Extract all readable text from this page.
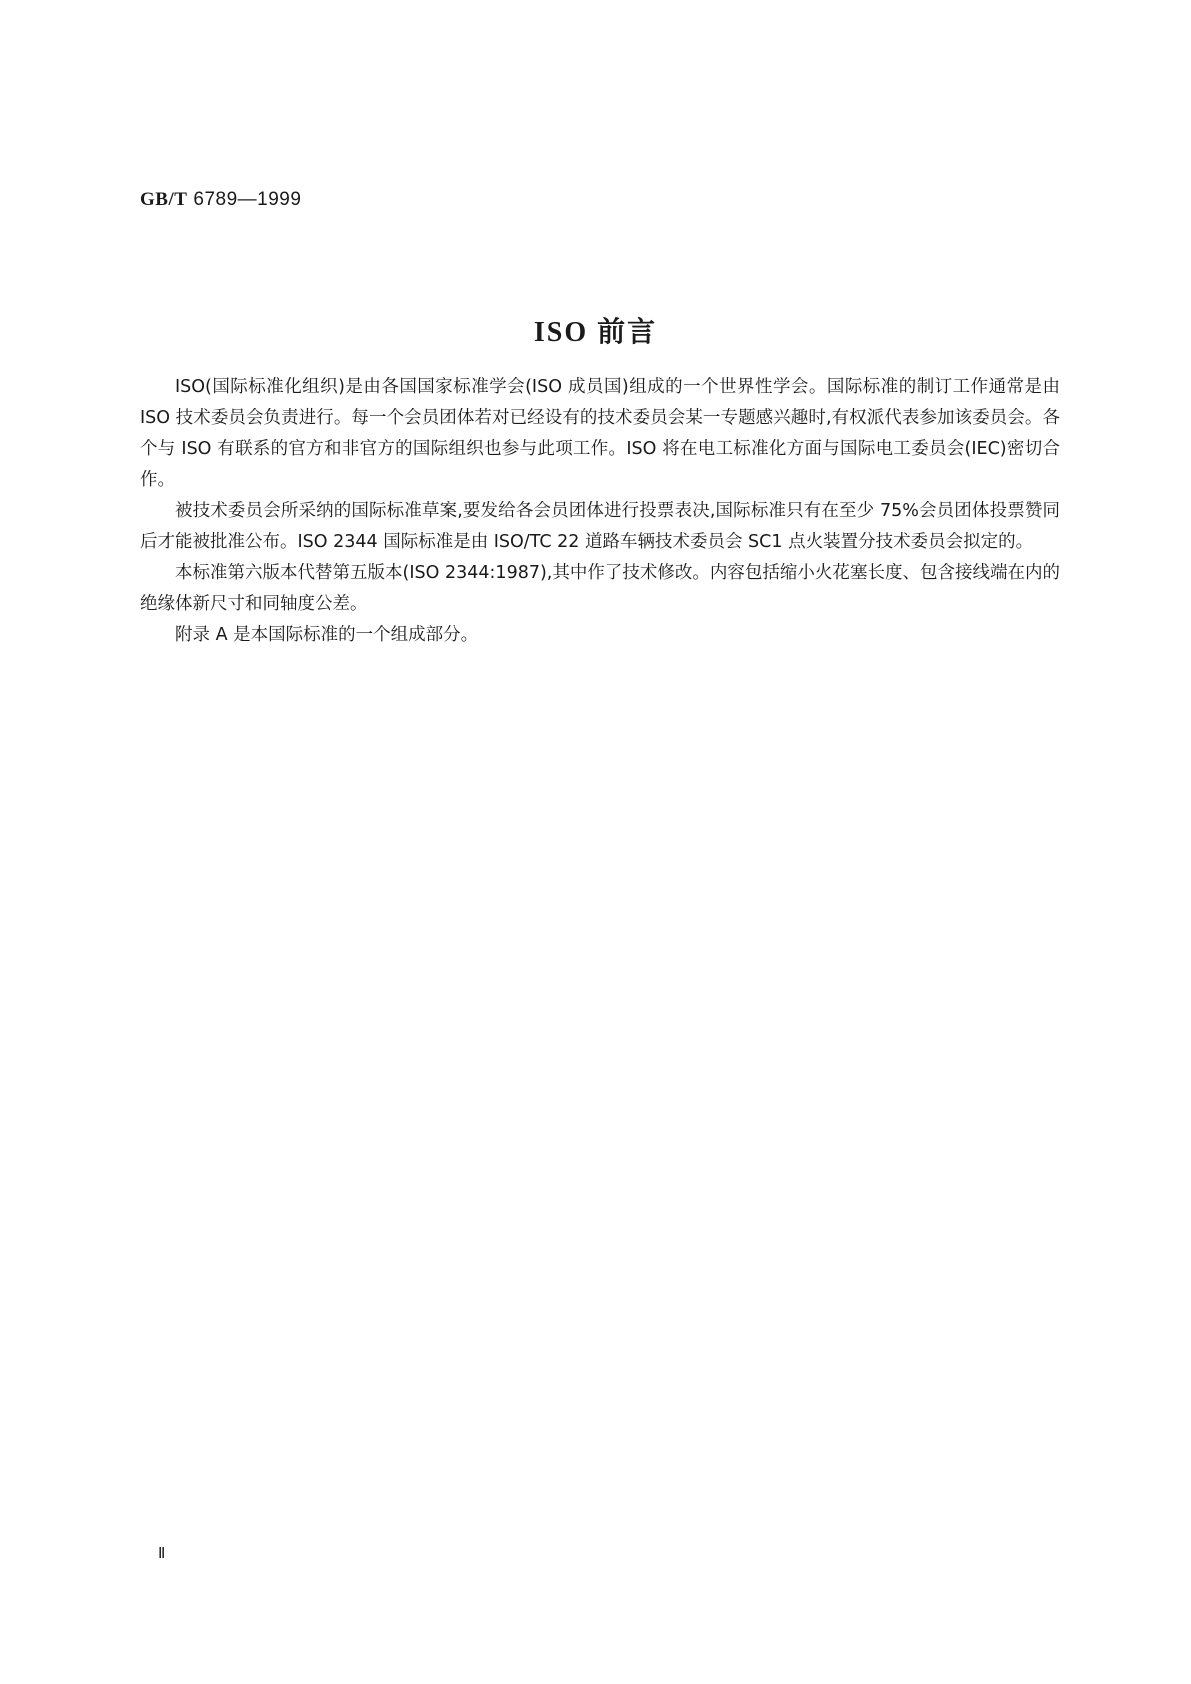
GB/T 6789—1999
ISO 前言

ISO(国际标准化组织)是由各国国家标准学会(ISO 成员国)组成的一个世界性学会。国际标准的制订工作通常是由 ISO 技术委员会负责进行。每一个会员团体若对已经设有的技术委员会某一专题感兴趣时,有权派代表参加该委员会。各个与 ISO 有联系的官方和非官方的国际组织也参与此项工作。ISO 将在电工标准化方面与国际电工委员会(IEC)密切合作。

被技术委员会所采纳的国际标准草案,要发给各会员团体进行投票表决,国际标准只有在至少 75%会员团体投票赞同后才能被批准公布。ISO 2344 国际标准是由 ISO/TC 22 道路车辆技术委员会 SC1 点火装置分技术委员会拟定的。

本标准第六版本代替第五版本(ISO 2344:1987),其中作了技术修改。内容包括缩小火花塞长度、包含接线端在内的绝缘体新尺寸和同轴度公差。

附录 A 是本国际标准的一个组成部分。

Ⅱ
